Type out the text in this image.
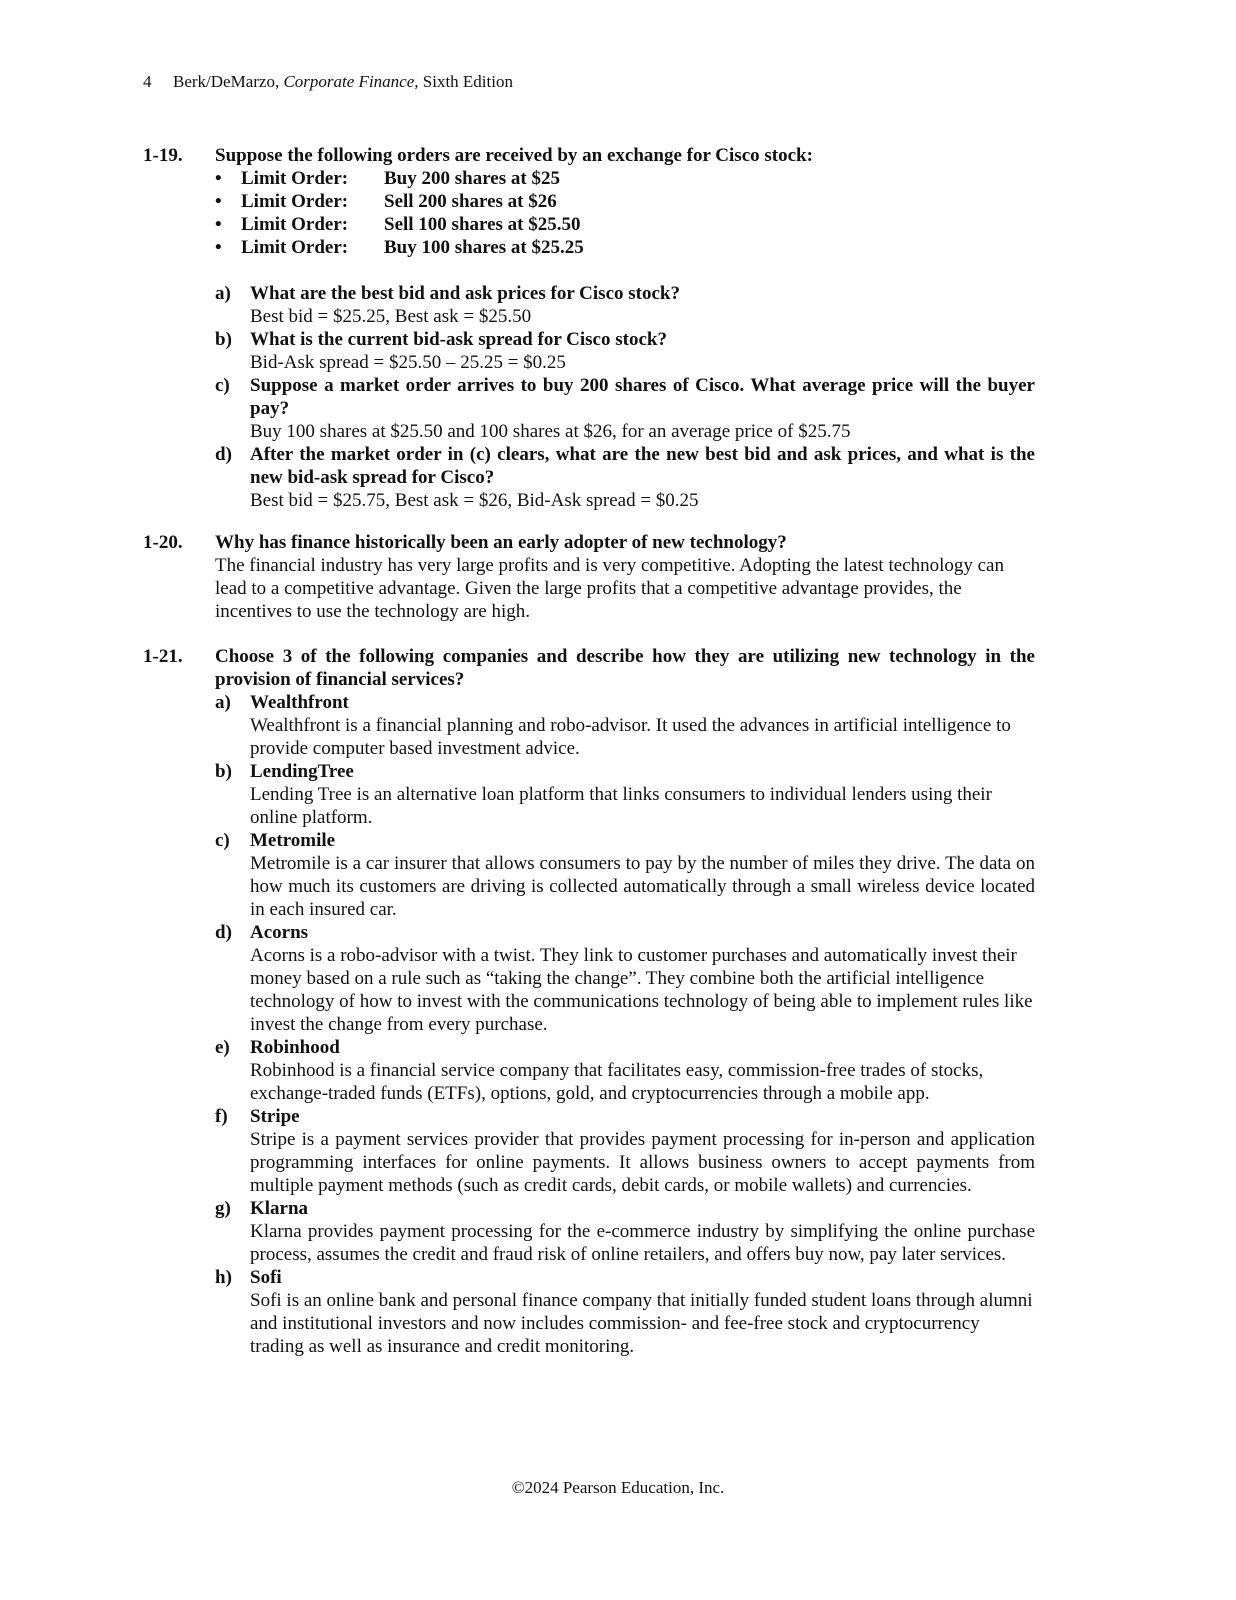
4 Berk/DeMarzo, Corporate Finance, Sixth Edition
1-19. Suppose the following orders are received by an exchange for Cisco stock:
•	Limit Order:	Buy 200 shares at $25
•	Limit Order:	Sell 200 shares at $26
•	Limit Order:	Sell 100 shares at $25.50
•	Limit Order:	Buy 100 shares at $25.25
a)	What are the best bid and ask prices for Cisco stock?
Best bid = $25.25, Best ask = $25.50
b) What is the current bid-ask spread for Cisco stock?
Bid-Ask spread = $25.50 – 25.25 = $0.25
c)	Suppose a market order arrives to buy 200 shares of Cisco. What average price will the buyer pay?
Buy 100 shares at $25.50 and 100 shares at $26, for an average price of $25.75
d) After the market order in (c) clears, what are the new best bid and ask prices, and what is the new bid-ask spread for Cisco?
Best bid = $25.75, Best ask = $26, Bid-Ask spread = $0.25
1-20. Why has finance historically been an early adopter of new technology?
The financial industry has very large profits and is very competitive. Adopting the latest technology can lead to a competitive advantage. Given the large profits that a competitive advantage provides, the incentives to use the technology are high.
1-21. Choose 3 of the following companies and describe how they are utilizing new technology in the provision of financial services?
a)	Wealthfront
Wealthfront is a financial planning and robo-advisor. It used the advances in artificial intelligence to provide computer based investment advice.
b) LendingTree
Lending Tree is an alternative loan platform that links consumers to individual lenders using their online platform.
c)	Metromile
Metromile is a car insurer that allows consumers to pay by the number of miles they drive. The data on how much its customers are driving is collected automatically through a small wireless device located in each insured car.
d) Acorns
Acorns is a robo-advisor with a twist. They link to customer purchases and automatically invest their money based on a rule such as “taking the change”. They combine both the artificial intelligence technology of how to invest with the communications technology of being able to implement rules like invest the change from every purchase.
e)	Robinhood
Robinhood is a financial service company that facilitates easy, commission-free trades of stocks, exchange-traded funds (ETFs), options, gold, and cryptocurrencies through a mobile app.
f)	Stripe
Stripe is a payment services provider that provides payment processing for in-person and application programming interfaces for online payments. It allows business owners to accept payments from multiple payment methods (such as credit cards, debit cards, or mobile wallets) and currencies.
g)	Klarna
Klarna provides payment processing for the e-commerce industry by simplifying the online purchase process, assumes the credit and fraud risk of online retailers, and offers buy now, pay later services.
h) Sofi
Sofi is an online bank and personal finance company that initially funded student loans through alumni and institutional investors and now includes commission- and fee-free stock and cryptocurrency trading as well as insurance and credit monitoring.
©2024 Pearson Education, Inc.
